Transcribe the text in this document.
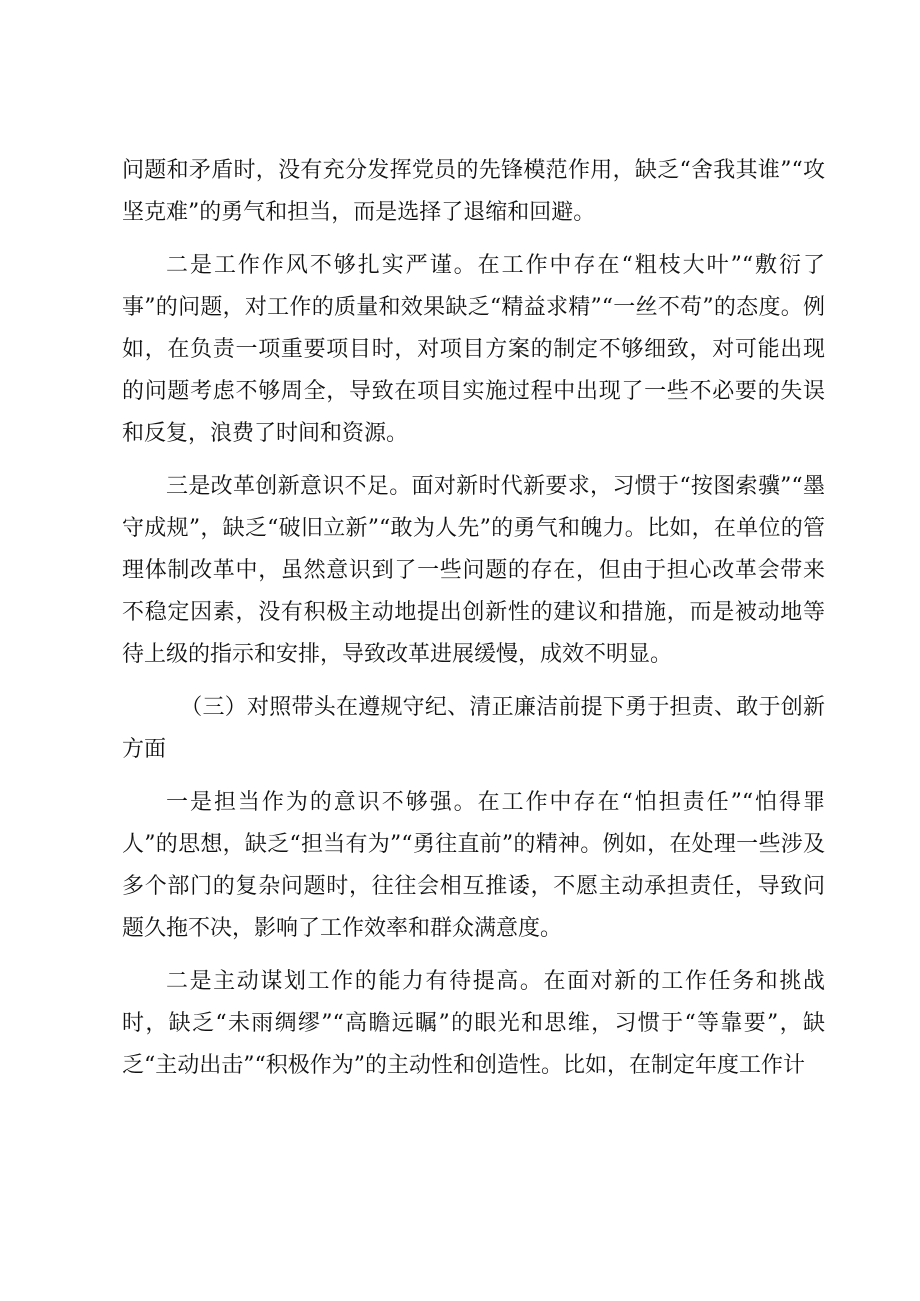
问题和矛盾时，没有充分发挥党员的先锋模范作用，缺乏“舍我其谁”“攻坚克难”的勇气和担当，而是选择了退缩和回避。

二是工作作风不够扎实严谨。在工作中存在“粗枝大叶”“敷衍了事”的问题，对工作的质量和效果缺乏“精益求精”“一丝不苟”的态度。例如，在负责一项重要项目时，对项目方案的制定不够细致，对可能出现的问题考虑不够周全，导致在项目实施过程中出现了一些不必要的失误和反复，浪费了时间和资源。

三是改革创新意识不足。面对新时代新要求，习惯于“按图索骥”“墨守成规”，缺乏“破旧立新”“敢为人先”的勇气和魄力。比如，在单位的管理体制改革中，虽然意识到了一些问题的存在，但由于担心改革会带来不稳定因素，没有积极主动地提出创新性的建议和措施，而是被动地等待上级的指示和安排，导致改革进展缓慢，成效不明显。

（三）对照带头在遵规守纪、清正廉洁前提下勇于担责、敢于创新方面

一是担当作为的意识不够强。在工作中存在“怕担责任”“怕得罪人”的思想，缺乏“担当有为”“勇往直前”的精神。例如，在处理一些涉及多个部门的复杂问题时，往往会相互推诿，不愿主动承担责任，导致问题久拖不决，影响了工作效率和群众满意度。

二是主动谋划工作的能力有待提高。在面对新的工作任务和挑战时，缺乏“未雨绸缪”“高瞻远瞩”的眼光和思维，习惯于“等靠要”，缺乏“主动出击”“积极作为”的主动性和创造性。比如，在制定年度工作计
